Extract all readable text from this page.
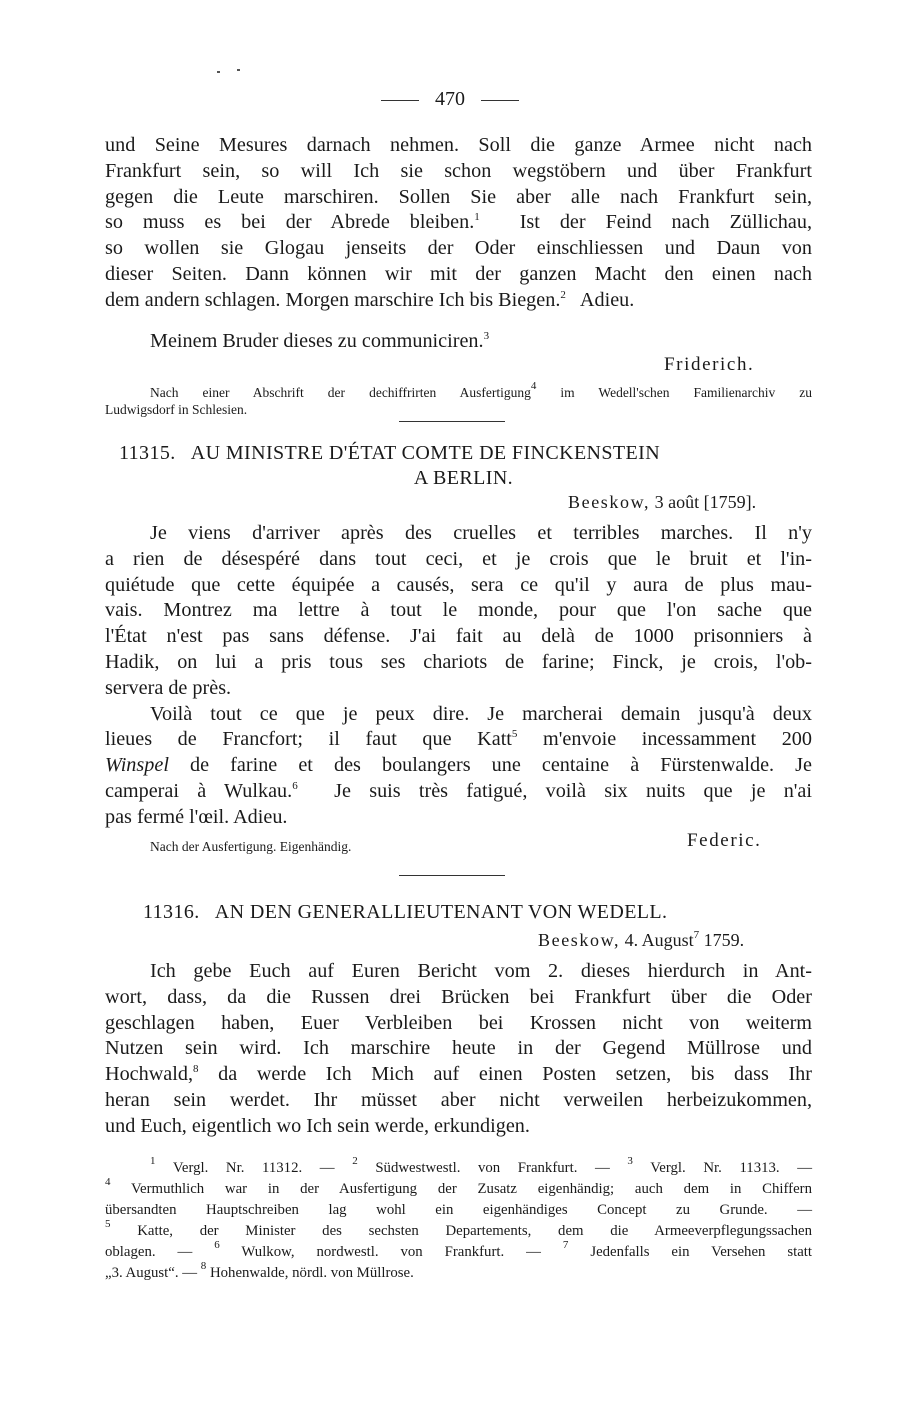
470
und Seine Mesures darnach nehmen. Soll die ganze Armee nicht nach
Frankfurt sein, so will Ich sie schon wegstöbern und über Frankfurt
gegen die Leute marschiren. Sollen Sie aber alle nach Frankfurt sein,
so muss es bei der Abrede bleiben.$^1$ Ist der Feind nach Züllichau,
so wollen sie Glogau jenseits der Oder einschliessen und Daun von
dieser Seiten. Dann können wir mit der ganzen Macht den einen nach
dem andern schlagen. Morgen marschire Ich bis Biegen.$^2$ Adieu.
Meinem Bruder dieses zu communiciren.$^3$
Friderich.
Nach einer Abschrift der dechiffrirten Ausfertigung$^4$ im Wedell'schen Familienarchiv zu
Ludwigsdorf in Schlesien.
11315. AU MINISTRE D'ÉTAT COMTE DE FINCKENSTEIN
A BERLIN.
Beeskow, 3 août [1759].
Je viens d'arriver après des cruelles et terribles marches. Il n'y
a rien de désespéré dans tout ceci, et je crois que le bruit et l'in-
quiétude que cette équipée a causés, sera ce qu'il y aura de plus mau-
vais. Montrez ma lettre à tout le monde, pour que l'on sache que
l'État n'est pas sans défense. J'ai fait au delà de 1000 prisonniers à
Hadik, on lui a pris tous ses chariots de farine; Finck, je crois, l'ob-
servera de près.
Voilà tout ce que je peux dire. Je marcherai demain jusqu'à deux
lieues de Francfort; il faut que Katt$^5$ m'envoie incessamment 200
Winspel de farine et des boulangers une centaine à Fürstenwalde. Je
camperai à Wulkau.$^6$ Je suis très fatigué, voilà six nuits que je n'ai
pas fermé l'œil. Adieu.
Nach der Ausfertigung. Eigenhändig.	Federic.
11316. AN DEN GENERALLIEUTENANT VON WEDELL.
Beeskow, 4. August$^7$ 1759.
Ich gebe Euch auf Euren Bericht vom 2. dieses hierdurch in Ant-
wort, dass, da die Russen drei Brücken bei Frankfurt über die Oder
geschlagen haben, Euer Verbleiben bei Krossen nicht von weiterm
Nutzen sein wird. Ich marschire heute in der Gegend Müllrose und
Hochwald,$^8$ da werde Ich Mich auf einen Posten setzen, bis dass Ihr
heran sein werdet. Ihr müsset aber nicht verweilen herbeizukommen,
und Euch, eigentlich wo Ich sein werde, erkundigen.
$^1$ Vergl. Nr. 11312. — $^2$ Südwestwestl. von Frankfurt. — $^3$ Vergl. Nr. 11313. —
$^4$ Vermuthlich war in der Ausfertigung der Zusatz eigenhändig; auch dem in Chiffern
übersandten Hauptschreiben lag wohl ein eigenhändiges Concept zu Grunde. —
$^5$ Katte, der Minister des sechsten Departements, dem die Armeeverpflegungssachen
oblagen. — $^6$ Wulkow, nordwestl. von Frankfurt. — $^7$ Jedenfalls ein Versehen statt
„3. August“. — $^8$ Hohenwalde, nördl. von Müllrose.
